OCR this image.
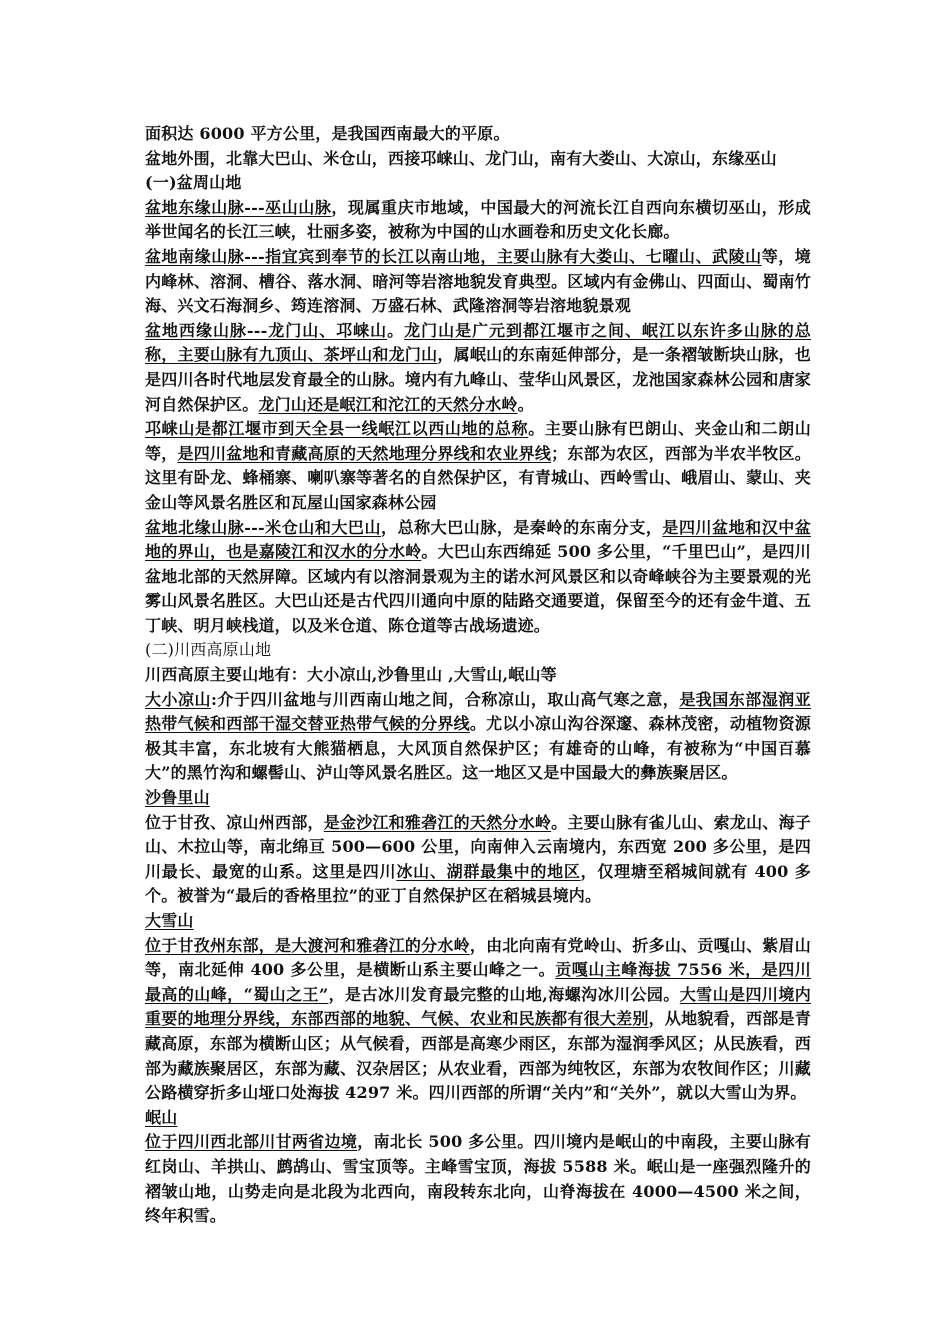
面积达 6000 平方公里，是我国西南最大的平原。

盆地外围，北靠大巴山、米仓山，西接邛崃山、龙门山，南有大娄山、大凉山，东缘巫山

(一)盆周山地

盆地东缘山脉---巫山山脉，现属重庆市地域，中国最大的河流长江自西向东横切巫山，形成举世闻名的长江三峡，壮丽多姿，被称为中国的山水画卷和历史文化长廊。

盆地南缘山脉---指宜宾到奉节的长江以南山地，主要山脉有大娄山、七曜山、武陵山等，境内峰林、溶洞、槽谷、落水洞、暗河等岩溶地貌发育典型。区域内有金佛山、四面山、蜀南竹海、兴文石海洞乡、筠连溶洞、万盛石林、武隆溶洞等岩溶地貌景观

盆地西缘山脉---龙门山、邛崃山。龙门山是广元到都江堰市之间、岷江以东许多山脉的总称，主要山脉有九顶山、茶坪山和龙门山，属岷山的东南延伸部分，是一条褶皱断块山脉，也是四川各时代地层发育最全的山脉。境内有九峰山、莹华山风景区，龙池国家森林公园和唐家河自然保护区。龙门山还是岷江和沱江的天然分水岭。

邛崃山是都江堰市到天全县一线岷江以西山地的总称。主要山脉有巴朗山、夹金山和二朗山等，是四川盆地和青藏高原的天然地理分界线和农业界线；东部为农区，西部为半农半牧区。这里有卧龙、蜂桶寨、喇叭寨等著名的自然保护区，有青城山、西岭雪山、峨眉山、蒙山、夹金山等风景名胜区和瓦屋山国家森林公园

盆地北缘山脉---米仓山和大巴山，总称大巴山脉，是秦岭的东南分支，是四川盆地和汉中盆地的界山，也是嘉陵江和汉水的分水岭。大巴山东西绵延 500 多公里，“千里巴山”，是四川盆地北部的天然屏障。区域内有以溶洞景观为主的诺水河风景区和以奇峰峡谷为主要景观的光雾山风景名胜区。大巴山还是古代四川通向中原的陆路交通要道，保留至今的还有金牛道、五丁峡、明月峡栈道，以及米仓道、陈仓道等古战场遗迹。

(二)川西高原山地

川西高原主要山地有：大小凉山,沙鲁里山 ,大雪山,岷山等

大小凉山:介于四川盆地与川西南山地之间，合称凉山，取山高气寒之意，是我国东部湿润亚热带气候和西部干湿交替亚热带气候的分界线。尤以小凉山沟谷深邃、森林茂密，动植物资源极其丰富，东北坡有大熊猫栖息，大风顶自然保护区；有雄奇的山峰，有被称为“中国百慕大”的黑竹沟和螺髻山、泸山等风景名胜区。这一地区又是中国最大的彝族聚居区。

沙鲁里山

位于甘孜、凉山州西部，是金沙江和雅砻江的天然分水岭。主要山脉有雀儿山、索龙山、海子山、木拉山等，南北绵亘 500—600 公里，向南伸入云南境内，东西宽 200 多公里，是四川最长、最宽的山系。这里是四川冰山、湖群最集中的地区，仅理塘至稻城间就有 400 多个。被誉为“最后的香格里拉”的亚丁自然保护区在稻城县境内。

大雪山

位于甘孜州东部，是大渡河和雅砻江的分水岭，由北向南有党岭山、折多山、贡嘎山、紫眉山等，南北延伸 400 多公里，是横断山系主要山峰之一。贡嘎山主峰海拔 7556 米，是四川最高的山峰，“蜀山之王”，是古冰川发育最完整的山地,海螺沟冰川公园。大雪山是四川境内重要的地理分界线，东部西部的地貌、气候、农业和民族都有很大差别，从地貌看，西部是青藏高原，东部为横断山区；从气候看，西部是高寒少雨区，东部为湿润季风区；从民族看，西部为藏族聚居区，东部为藏、汉杂居区；从农业看，西部为纯牧区，东部为农牧间作区；川藏公路横穿折多山垭口处海拔 4297 米。四川西部的所谓“关内”和“关外”，就以大雪山为界。

岷山

位于四川西北部川甘两省边境，南北长 500 多公里。四川境内是岷山的中南段，主要山脉有红岗山、羊拱山、鹧鸪山、雪宝顶等。主峰雪宝顶，海拔 5588 米。岷山是一座强烈隆升的褶皱山地，山势走向是北段为北西向，南段转东北向，山脊海拔在 4000—4500 米之间，终年积雪。
